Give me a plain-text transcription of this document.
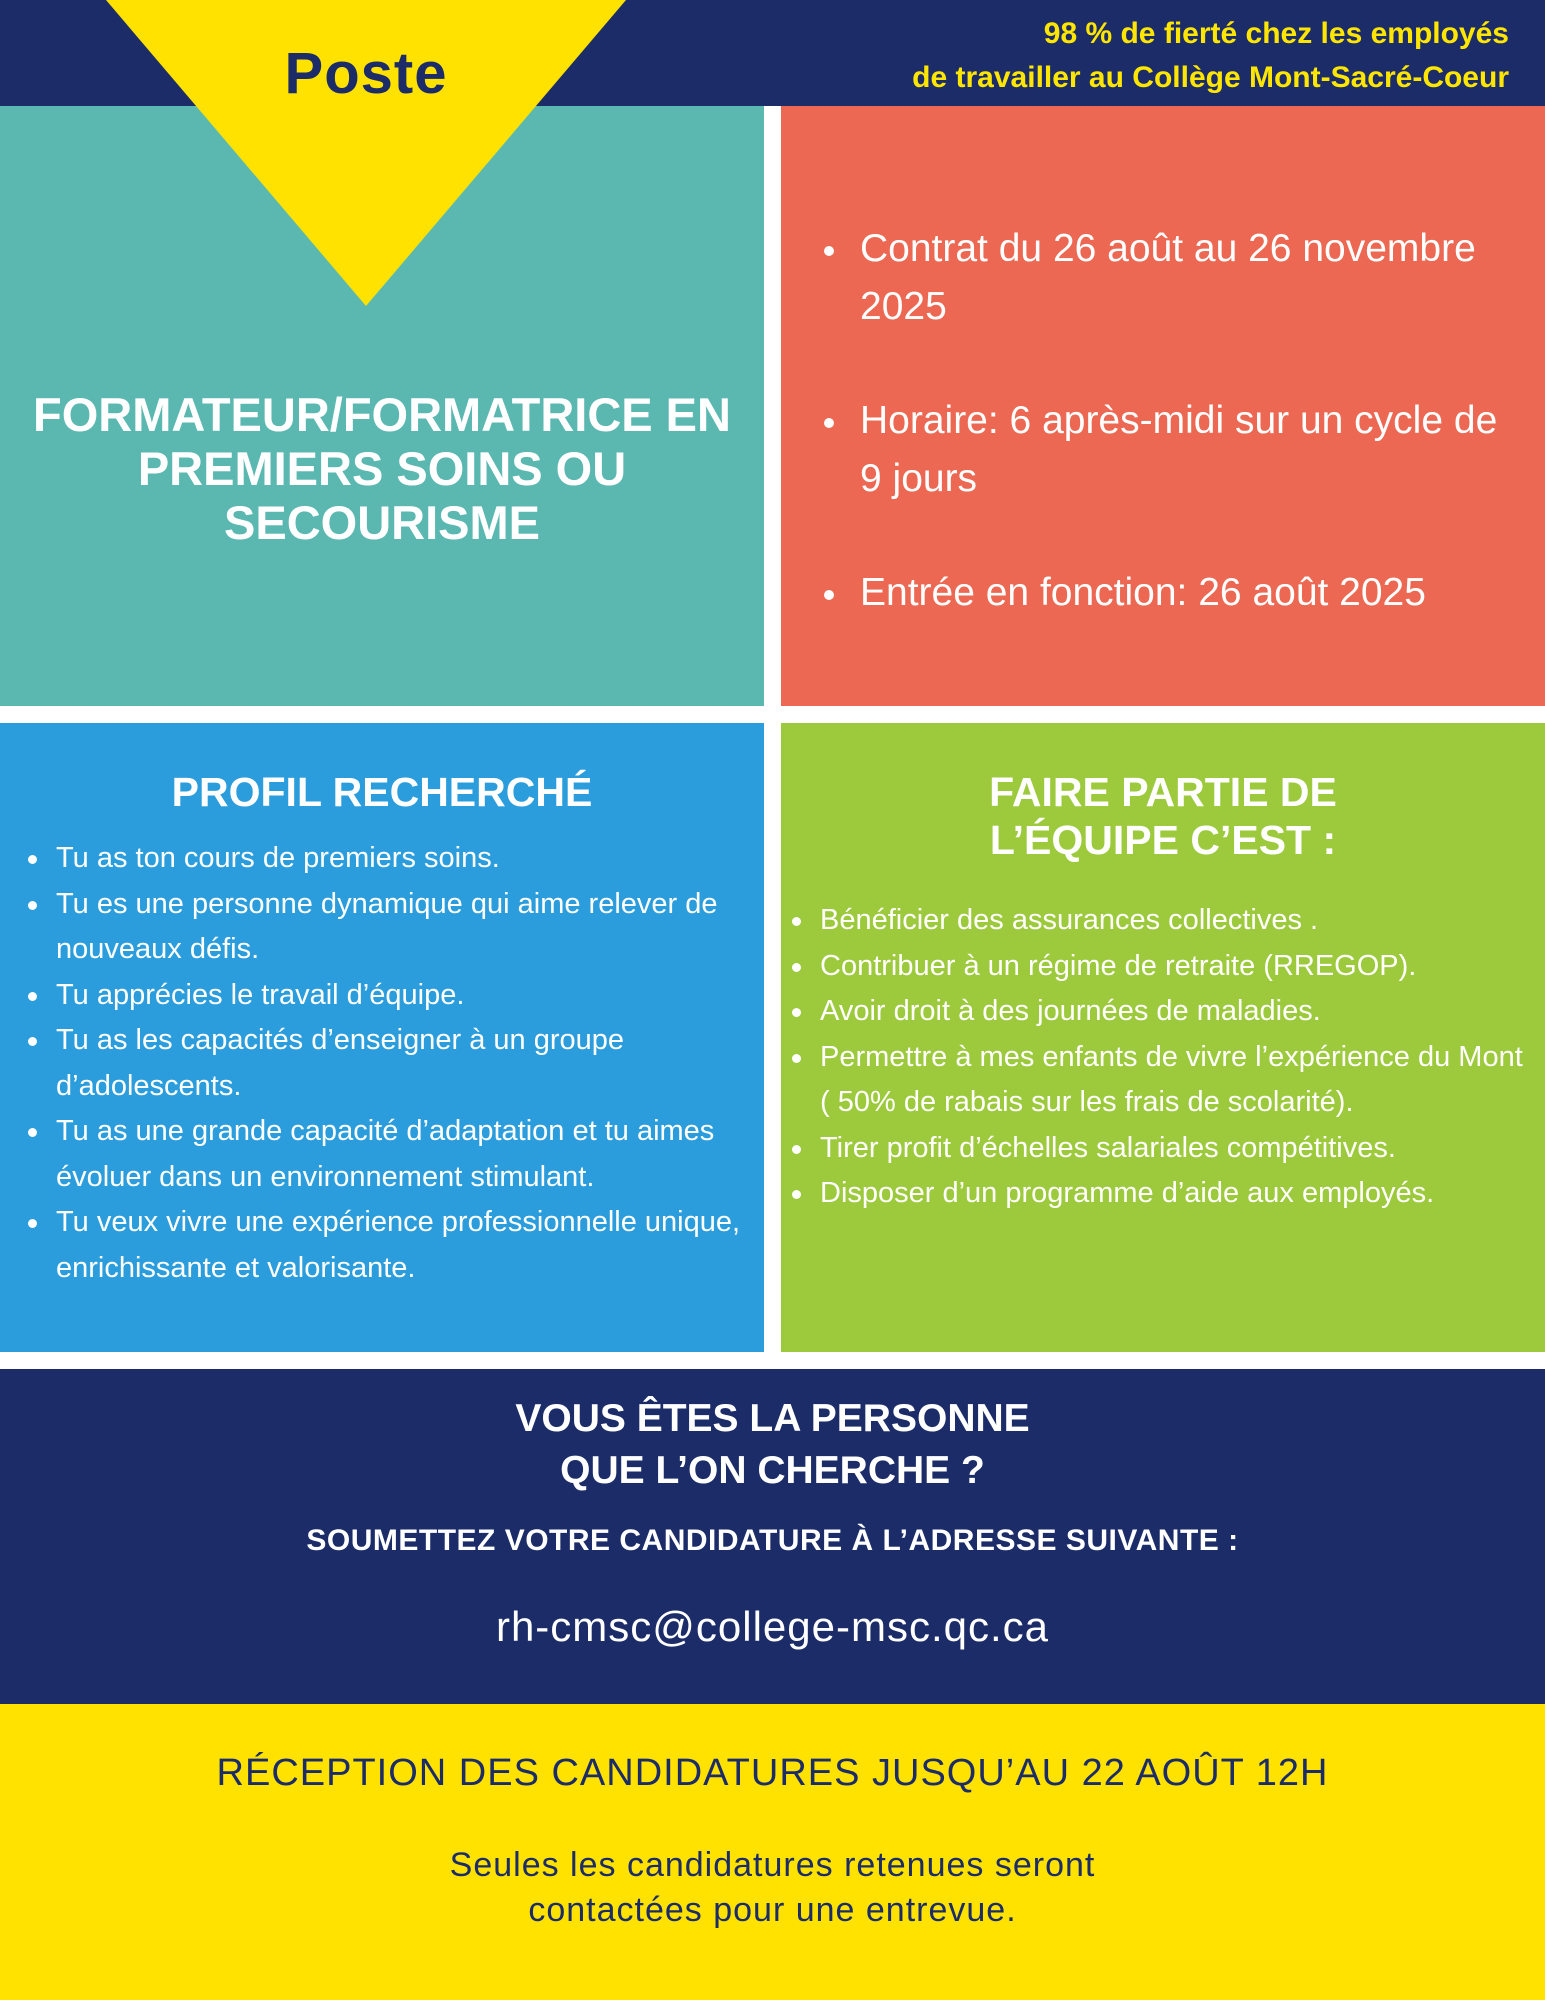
98 % de fierté chez les employés
de travailler au Collège Mont-Sacré-Coeur
Poste
FORMATEUR/FORMATRICE EN PREMIERS SOINS OU SECOURISME
Contrat du 26 août au 26 novembre 2025
Horaire: 6 après-midi sur un cycle de 9 jours
Entrée en fonction: 26 août 2025
PROFIL RECHERCHÉ
Tu as ton cours de premiers soins.
Tu es une personne dynamique qui aime relever de nouveaux défis.
Tu apprécies le travail d’équipe.
Tu as les capacités d’enseigner à un groupe d’adolescents.
Tu as une grande capacité d’adaptation et tu aimes évoluer dans un environnement stimulant.
Tu veux vivre une expérience professionnelle unique, enrichissante et valorisante.
FAIRE PARTIE DE
L’ÉQUIPE C’EST :
Bénéficier des assurances collectives .
Contribuer à un régime de retraite (RREGOP).
Avoir droit à des journées de maladies.
Permettre à mes enfants de vivre l’expérience du Mont ( 50% de rabais sur les frais de scolarité).
Tirer profit d’échelles salariales compétitives.
Disposer d’un programme d’aide aux employés.
VOUS ÊTES LA PERSONNE
QUE L’ON CHERCHE ?
SOUMETTEZ VOTRE CANDIDATURE À L’ADRESSE SUIVANTE :
rh-cmsc@college-msc.qc.ca
RÉCEPTION DES CANDIDATURES JUSQU’AU 22 AOÛT 12H
Seules les candidatures retenues seront
contactées pour une entrevue.
